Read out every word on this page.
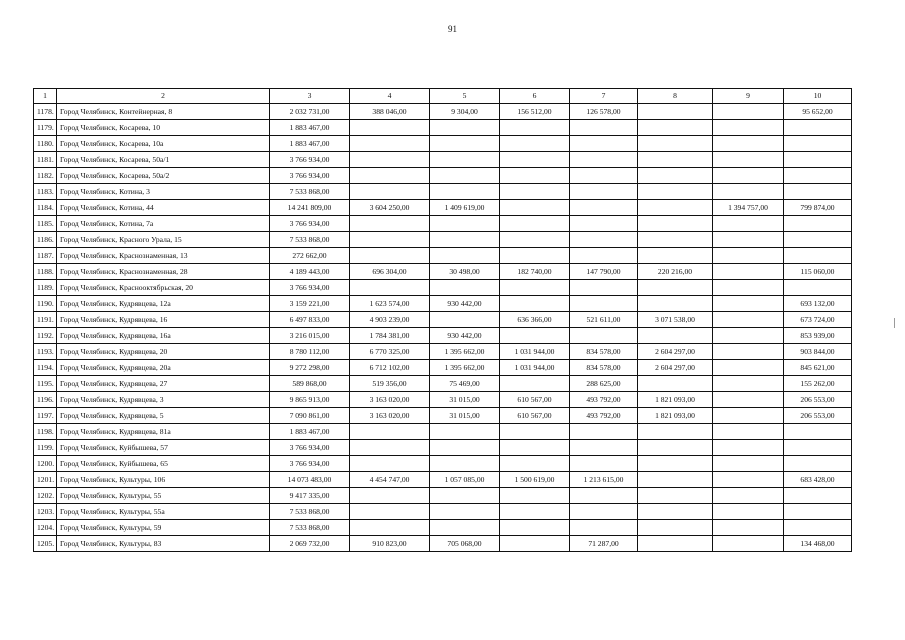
91
1	2	3	4	5	6	7	8	9	10
1178.	Город Челябинск, Контейнерная, 8	2 032 731,00	388 046,00	9 304,00	156 512,00	126 578,00			95 652,00
1179.	Город Челябинск, Косарева, 10	1 883 467,00							
1180.	Город Челябинск, Косарева, 10а	1 883 467,00							
1181.	Город Челябинск, Косарева, 50а/1	3 766 934,00							
1182.	Город Челябинск, Косарева, 50а/2	3 766 934,00							
1183.	Город Челябинск, Котина, 3	7 533 868,00							
1184.	Город Челябинск, Котина, 44	14 241 809,00	3 604 250,00	1 409 619,00				1 394 757,00	799 874,00
1185.	Город Челябинск, Котина, 7а	3 766 934,00							
1186.	Город Челябинск, Красного Урала, 15	7 533 868,00							
1187.	Город Челябинск, Краснознаменная, 13	272 662,00							
1188.	Город Челябинск, Краснознаменная, 28	4 189 443,00	696 304,00	30 498,00	182 740,00	147 790,00	220 216,00		115 060,00
1189.	Город Челябинск, Краснооктябрьская, 20	3 766 934,00							
1190.	Город Челябинск, Кудрявцева, 12а	3 159 221,00	1 623 574,00	930 442,00					693 132,00
1191.	Город Челябинск, Кудрявцева, 16	6 497 833,00	4 903 239,00		636 366,00	521 611,00	3 071 538,00		673 724,00
1192.	Город Челябинск, Кудрявцева, 16а	3 216 015,00	1 784 381,00	930 442,00					853 939,00
1193.	Город Челябинск, Кудрявцева, 20	8 780 112,00	6 770 325,00	1 395 662,00	1 031 944,00	834 578,00	2 604 297,00		903 844,00
1194.	Город Челябинск, Кудрявцева, 20а	9 272 298,00	6 712 102,00	1 395 662,00	1 031 944,00	834 578,00	2 604 297,00		845 621,00
1195.	Город Челябинск, Кудрявцева, 27	589 868,00	519 356,00	75 469,00		288 625,00			155 262,00
1196.	Город Челябинск, Кудрявцева, 3	9 865 913,00	3 163 020,00	31 015,00	610 567,00	493 792,00	1 821 093,00		206 553,00
1197.	Город Челябинск, Кудрявцева, 5	7 090 861,00	3 163 020,00	31 015,00	610 567,00	493 792,00	1 821 093,00		206 553,00
1198.	Город Челябинск, Кудрявцева, 81а	1 883 467,00							
1199.	Город Челябинск, Куйбышева, 57	3 766 934,00							
1200.	Город Челябинск, Куйбышева, 65	3 766 934,00							
1201.	Город Челябинск, Культуры, 106	14 073 483,00	4 454 747,00	1 057 085,00	1 500 619,00	1 213 615,00			683 428,00
1202.	Город Челябинск, Культуры, 55	9 417 335,00							
1203.	Город Челябинск, Культуры, 55а	7 533 868,00							
1204.	Город Челябинск, Культуры, 59	7 533 868,00							
1205.	Город Челябинск, Культуры, 83	2 069 732,00	910 823,00	705 068,00		71 287,00			134 468,00
